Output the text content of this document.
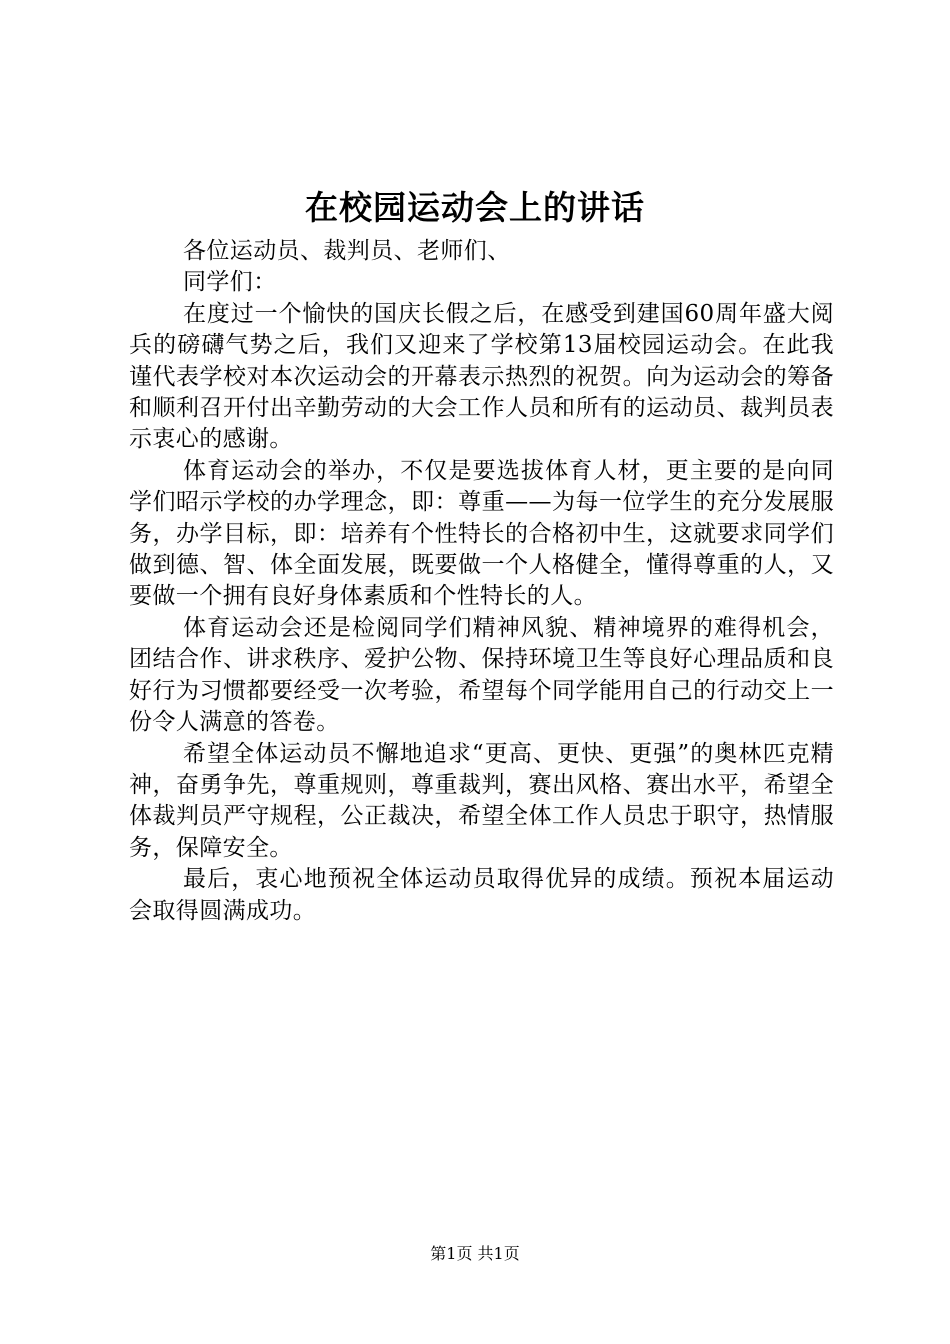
在校园运动会上的讲话

各位运动员、裁判员、老师们、

同学们：

在度过一个愉快的国庆长假之后，在感受到建国60周年盛大阅兵的磅礴气势之后，我们又迎来了学校第13届校园运动会。在此我谨代表学校对本次运动会的开幕表示热烈的祝贺。向为运动会的筹备和顺利召开付出辛勤劳动的大会工作人员和所有的运动员、裁判员表示衷心的感谢。

体育运动会的举办，不仅是要选拔体育人材，更主要的是向同学们昭示学校的办学理念，即：尊重——为每一位学生的充分发展服务，办学目标，即：培养有个性特长的合格初中生，这就要求同学们做到德、智、体全面发展，既要做一个人格健全，懂得尊重的人，又要做一个拥有良好身体素质和个性特长的人。

体育运动会还是检阅同学们精神风貌、精神境界的难得机会，团结合作、讲求秩序、爱护公物、保持环境卫生等良好心理品质和良好行为习惯都要经受一次考验，希望每个同学能用自己的行动交上一份令人满意的答卷。

希望全体运动员不懈地追求“更高、更快、更强”的奥林匹克精神，奋勇争先，尊重规则，尊重裁判，赛出风格、赛出水平，希望全体裁判员严守规程，公正裁决，希望全体工作人员忠于职守，热情服务，保障安全。

最后，衷心地预祝全体运动员取得优异的成绩。预祝本届运动会取得圆满成功。

第1页 共1页
